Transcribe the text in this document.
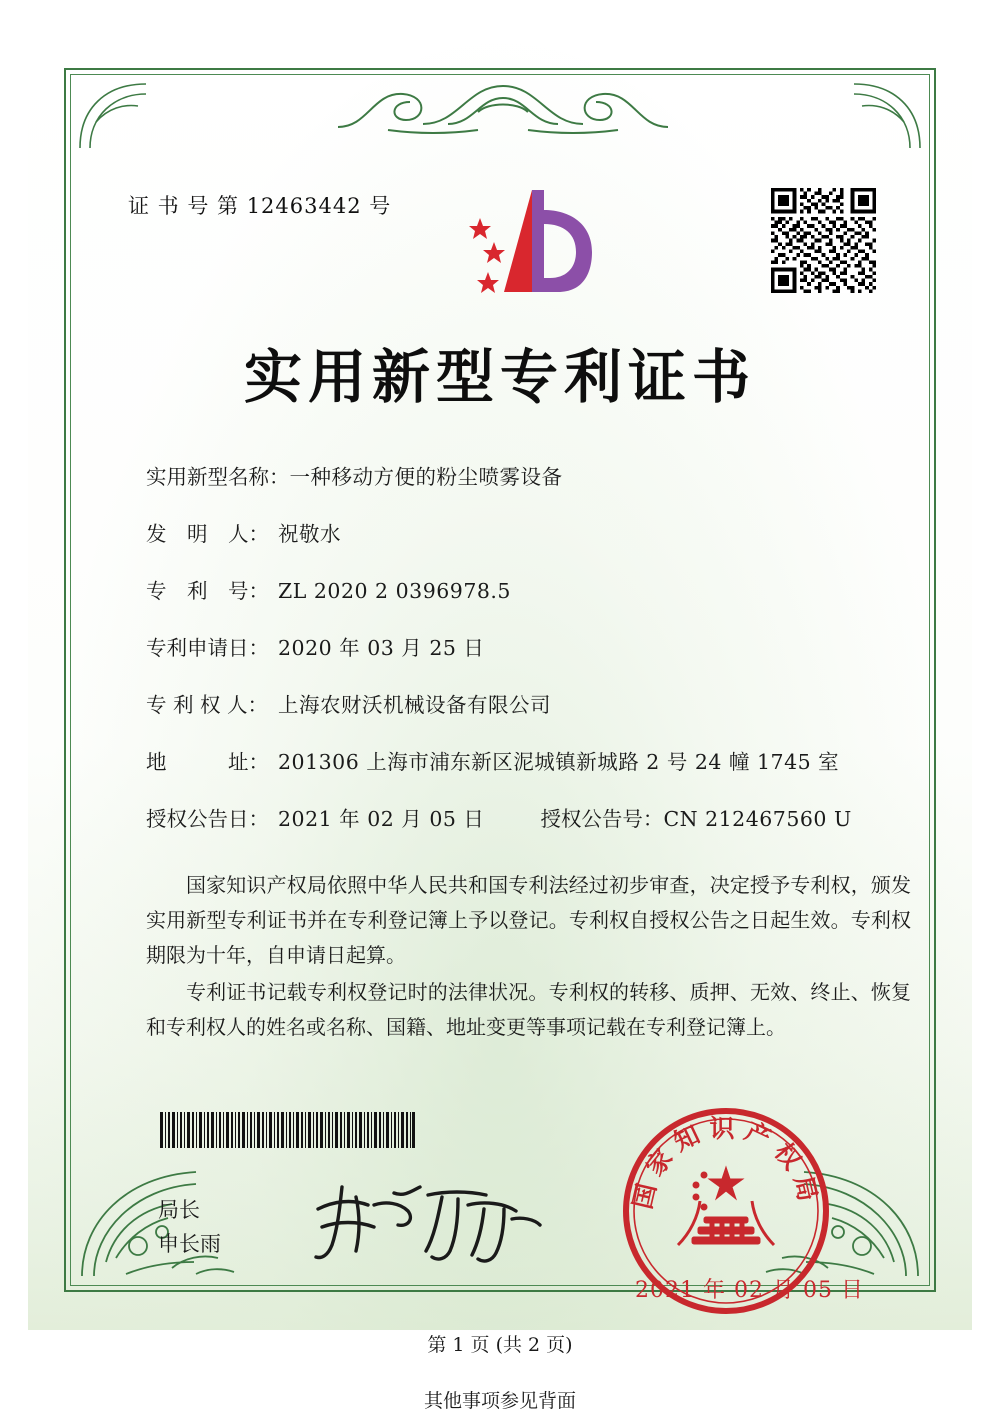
证 书 号 第 12463442 号
实用新型专利证书
实用新型名称： 一种移动方便的粉尘喷雾设备
发　明　人： 祝敬水
专　利　号： ZL 2020 2 0396978.5
专利申请日： 2020 年 03 月 25 日
专 利 权 人： 上海农财沃机械设备有限公司
地　　　址： 201306 上海市浦东新区泥城镇新城路 2 号 24 幢 1745 室
授权公告日： 2021 年 02 月 05 日	授权公告号： CN 212467560 U

国家知识产权局依照中华人民共和国专利法经过初步审查，决定授予专利权，颁发实用新型专利证书并在专利登记簿上予以登记。专利权自授权公告之日起生效。专利权期限为十年，自申请日起算。

专利证书记载专利权登记时的法律状况。专利权的转移、质押、无效、终止、恢复和专利权人的姓名或名称、国籍、地址变更等事项记载在专利登记簿上。

局长
申长雨
国家知识产权局
2021 年 02 月 05 日
第 1 页 (共 2 页)
其他事项参见背面
